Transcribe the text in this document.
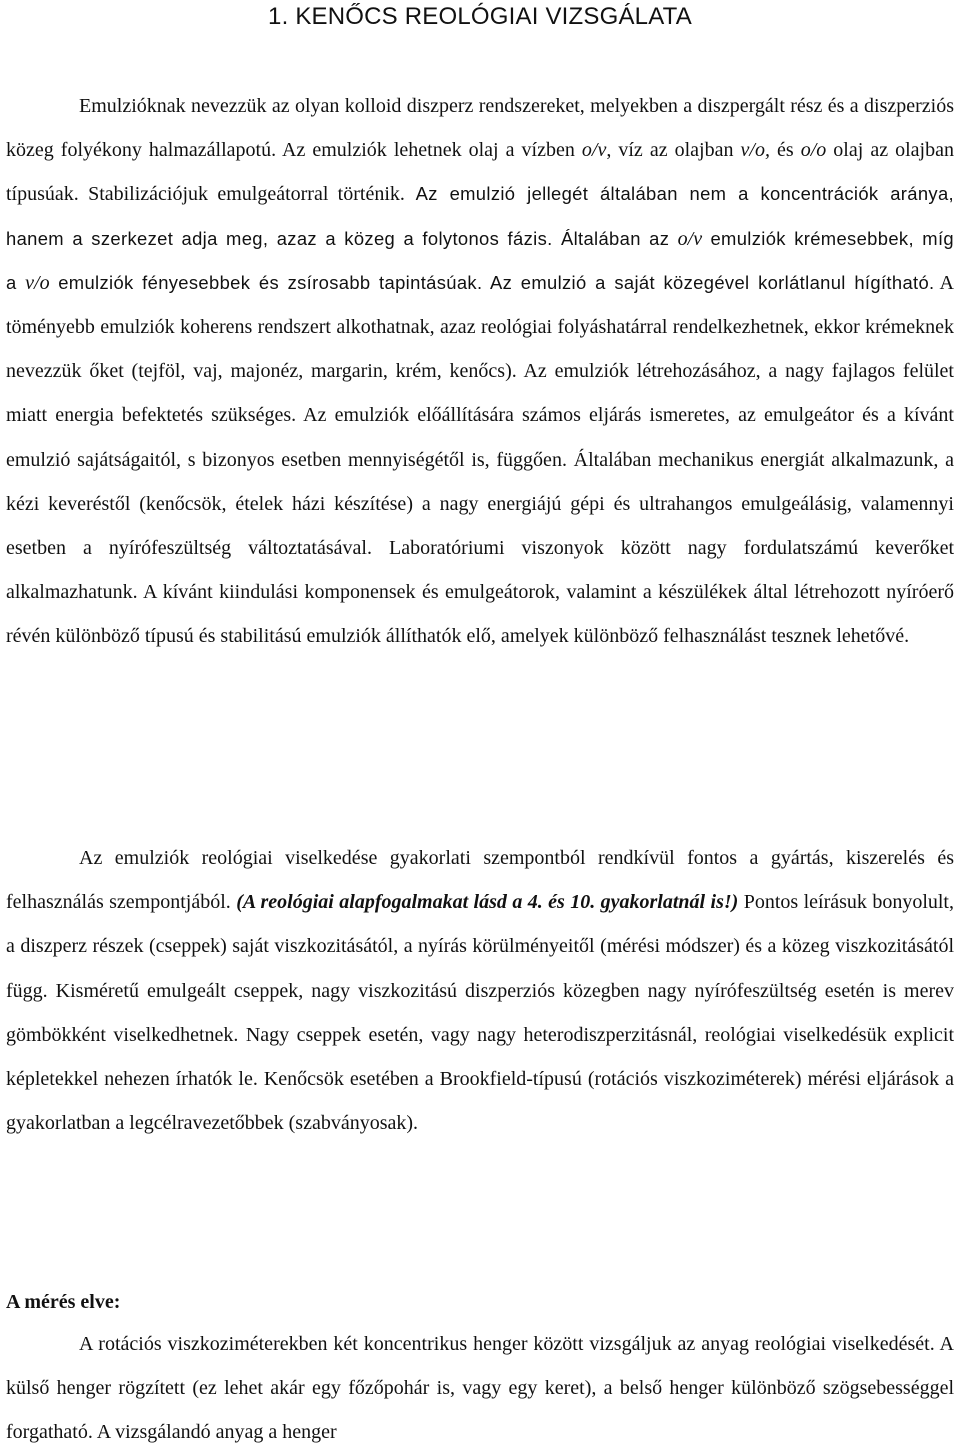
1. KENŐCS REOLÓGIAI VIZSGÁLATA

Emulzióknak nevezzük az olyan kolloid diszperz rendszereket, melyekben a diszpergált rész és a diszperziós közeg folyékony halmazállapotú. Az emulziók lehetnek olaj a vízben o/v, víz az olajban v/o, és o/o olaj az olajban típusúak. Stabilizációjuk emulgeátorral történik. Az emulzió jellegét általában nem a koncentrációk aránya, hanem a szerkezet adja meg, azaz a közeg a folytonos fázis. Általában az o/v emulziók krémesebbek, míg a v/o emulziók fényesebbek és zsírosabb tapintásúak. Az emulzió a saját közegével korlátlanul hígítható. A töményebb emulziók koherens rendszert alkothatnak, azaz reológiai folyáshatárral rendelkezhetnek, ekkor krémeknek nevezzük őket (tejföl, vaj, majonéz, margarin, krém, kenőcs). Az emulziók létrehozásához, a nagy fajlagos felület miatt energia befektetés szükséges. Az emulziók előállítására számos eljárás ismeretes, az emulgeátor és a kívánt emulzió sajátságaitól, s bizonyos esetben mennyiségétől is, függően. Általában mechanikus energiát alkalmazunk, a kézi keveréstől (kenőcsök, ételek házi készítése) a nagy energiájú gépi és ultrahangos emulgeálásig, valamennyi esetben a nyírófeszültség változtatásával. Laboratóriumi viszonyok között nagy fordulatszámú keverőket alkalmazhatunk. A kívánt kiindulási komponensek és emulgeátorok, valamint a készülékek által létrehozott nyíróerő révén különböző típusú és stabilitású emulziók állíthatók elő, amelyek különböző felhasználást tesznek lehetővé.

Az emulziók reológiai viselkedése gyakorlati szempontból rendkívül fontos a gyártás, kiszerelés és felhasználás szempontjából. (A reológiai alapfogalmakat lásd a 4. és 10. gyakorlatnál is!) Pontos leírásuk bonyolult, a diszperz részek (cseppek) saját viszkozitásától, a nyírás körülményeitől (mérési módszer) és a közeg viszkozitásától függ. Kisméretű emulgeált cseppek, nagy viszkozitású diszperziós közegben nagy nyírófeszültség esetén is merev gömbökként viselkedhetnek. Nagy cseppek esetén, vagy nagy heterodiszperzitásnál, reológiai viselkedésük explicit képletekkel nehezen írhatók le. Kenőcsök esetében a Brookfield-típusú (rotációs viszkoziméterek) mérési eljárások a gyakorlatban a legcélravezetőbbek (szabványosak).

A mérés elve:

A rotációs viszkoziméterekben két koncentrikus henger között vizsgáljuk az anyag reológiai viselkedését. A külső henger rögzített (ez lehet akár egy főzőpohár is, vagy egy keret), a belső henger különböző szögsebességgel forgatható. A vizsgálandó anyag a henger
